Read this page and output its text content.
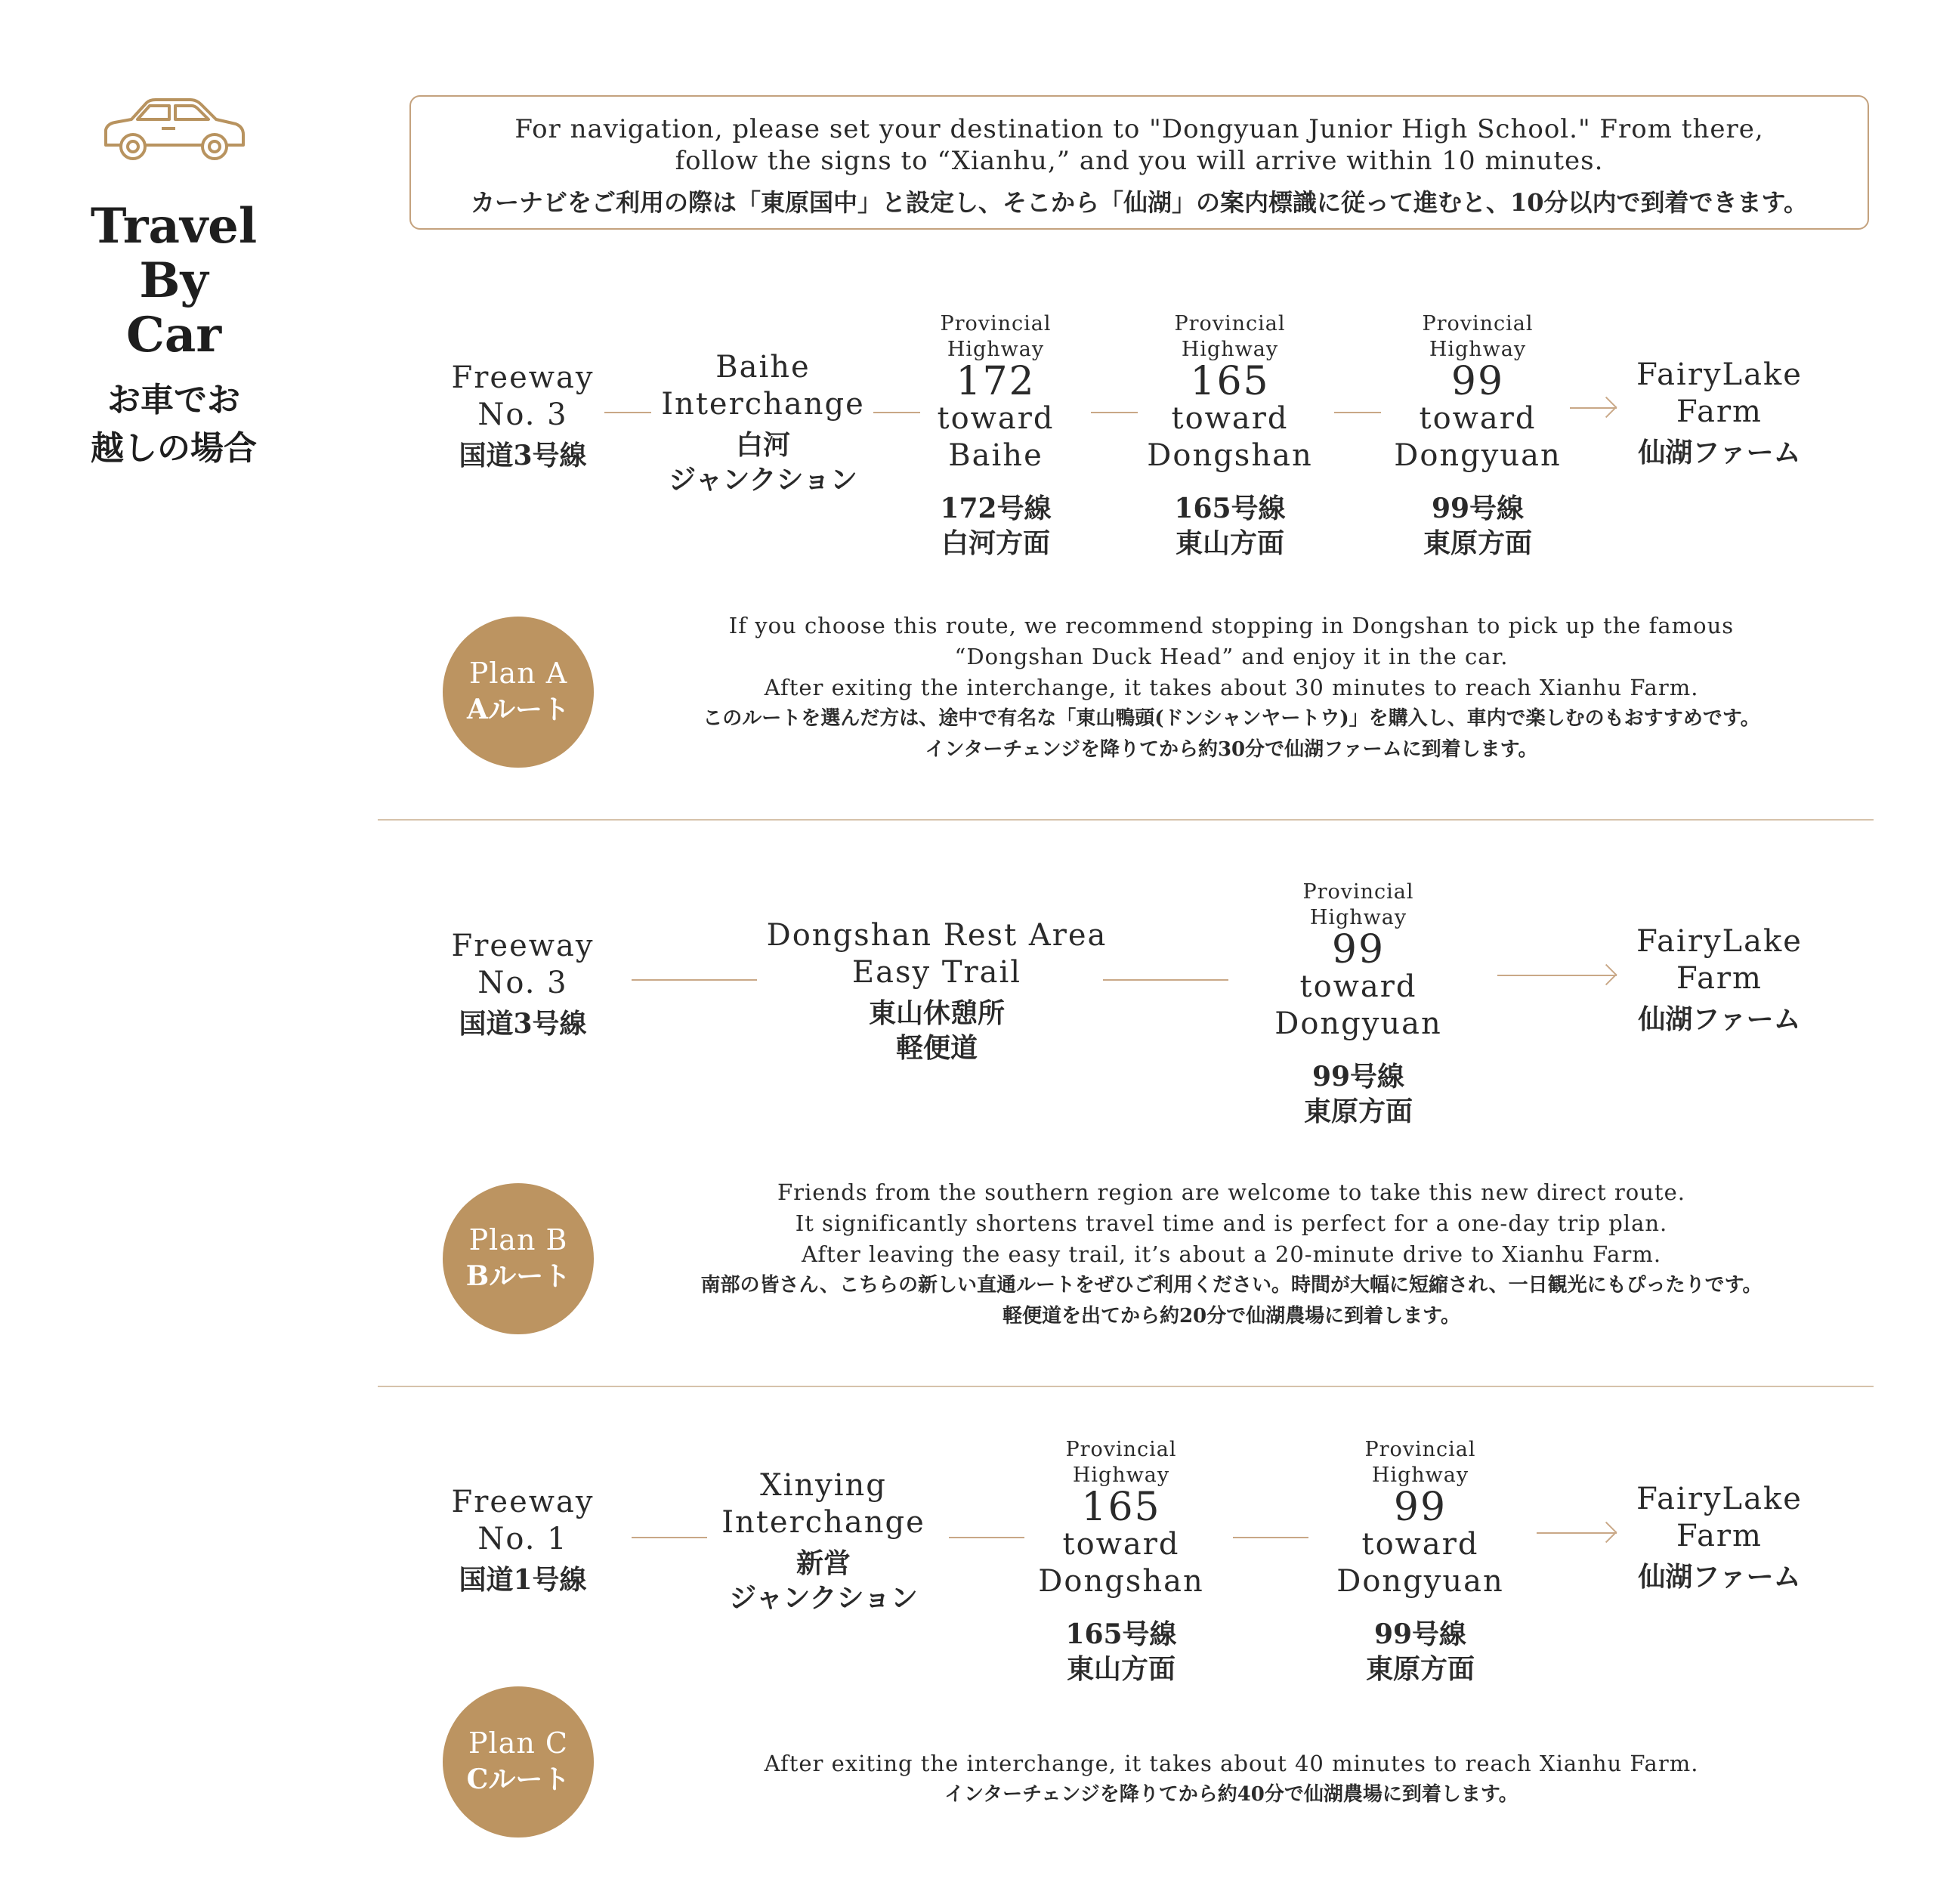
Travel
By
Car
お車でお
越しの場合
For navigation, please set your destination to "Dongyuan Junior High School." From there,
follow the signs to “Xianhu,” and you will arrive within 10 minutes.
カーナビをご利用の際は「東原国中」と設定し、そこから「仙湖」の案内標識に従って進むと、10分以内で到着できます。
Freeway
No. 3
国道3号線
Baihe
Interchange
白河
ジャンクション
Provincial
Highway
172
toward
Baihe
172号線
白河方面
Provincial
Highway
165
toward
Dongshan
165号線
東山方面
Provincial
Highway
99
toward
Dongyuan
99号線
東原方面
FairyLake
Farm
仙湖ファーム
Plan A
Aルート
If you choose this route, we recommend stopping in Dongshan to pick up the famous
“Dongshan Duck Head” and enjoy it in the car.
After exiting the interchange, it takes about 30 minutes to reach Xianhu Farm.
このルートを選んだ方は、途中で有名な「東山鴨頭(ドンシャンヤートウ)」を購入し、車内で楽しむのもおすすめです。
インターチェンジを降りてから約30分で仙湖ファームに到着します。
Freeway
No. 3
国道3号線
Dongshan Rest Area
Easy Trail
東山休憩所
軽便道
Provincial
Highway
99
toward
Dongyuan
99号線
東原方面
FairyLake
Farm
仙湖ファーム
Plan B
Bルート
Friends from the southern region are welcome to take this new direct route.
It significantly shortens travel time and is perfect for a one-day trip plan.
After leaving the easy trail, it’s about a 20-minute drive to Xianhu Farm.
南部の皆さん、こちらの新しい直通ルートをぜひご利用ください。時間が大幅に短縮され、一日観光にもぴったりです。
軽便道を出てから約20分で仙湖農場に到着します。
Freeway
No. 1
国道1号線
Xinying
Interchange
新営
ジャンクション
Provincial
Highway
165
toward
Dongshan
165号線
東山方面
Provincial
Highway
99
toward
Dongyuan
99号線
東原方面
FairyLake
Farm
仙湖ファーム
Plan C
Cルート	After exiting the interchange, it takes about 40 minutes to reach Xianhu Farm.
インターチェンジを降りてから約40分で仙湖農場に到着します。
